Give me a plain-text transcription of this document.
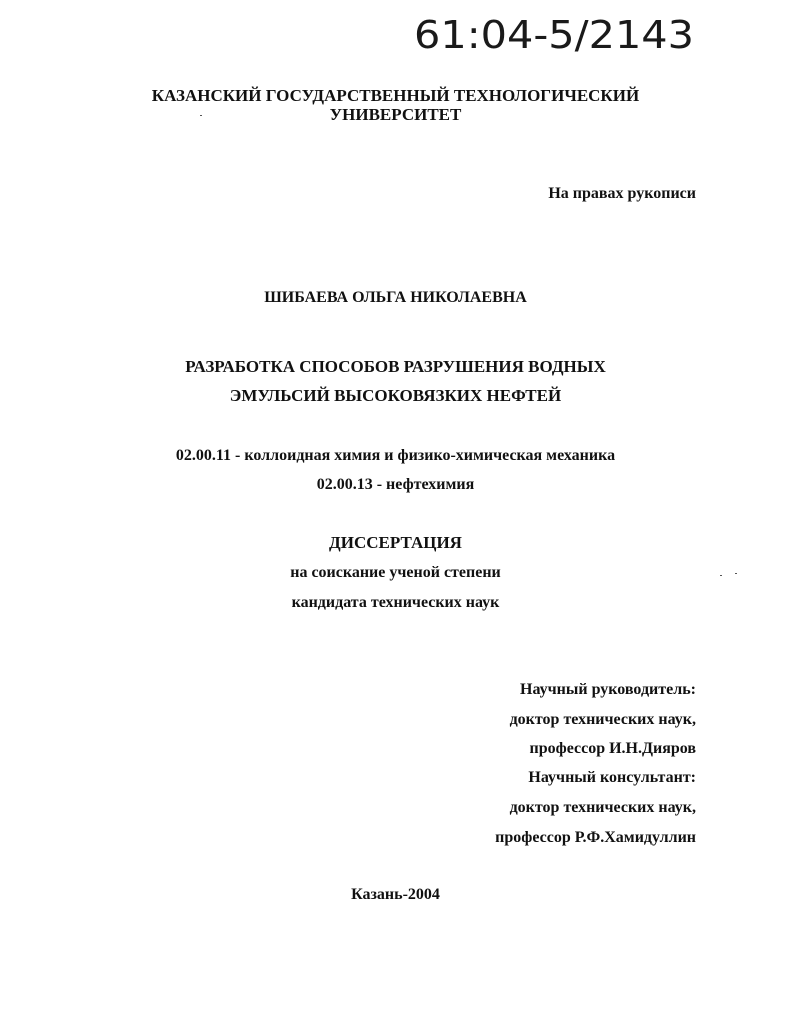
61:04-5/2143
КАЗАНСКИЙ ГОСУДАРСТВЕННЫЙ ТЕХНОЛОГИЧЕСКИЙ
УНИВЕРСИТЕТ
На правах рукописи
ШИБАЕВА ОЛЬГА НИКОЛАЕВНА
РАЗРАБОТКА СПОСОБОВ РАЗРУШЕНИЯ ВОДНЫХ
ЭМУЛЬСИЙ ВЫСОКОВЯЗКИХ НЕФТЕЙ
02.00.11 - коллоидная химия и физико-химическая механика
02.00.13 - нефтехимия
ДИССЕРТАЦИЯ
на соискание ученой степени
кандидата технических наук
Научный руководитель:
доктор технических наук,
профессор И.Н.Дияров
Научный консультант:
доктор технических наук,
профессор Р.Ф.Хамидуллин
Казань-2004
